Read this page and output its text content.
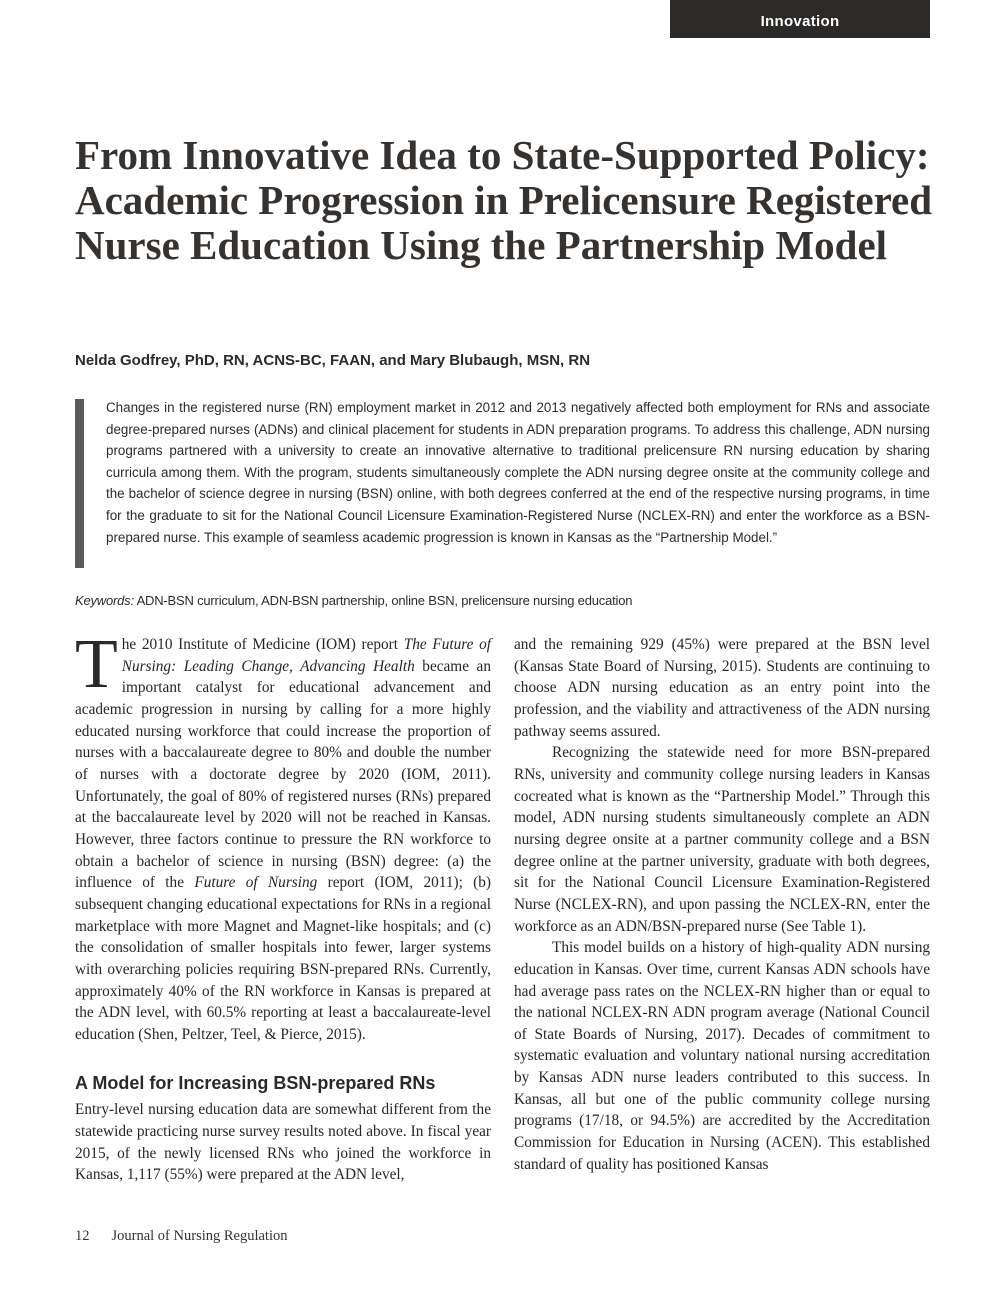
Innovation
From Innovative Idea to State-Supported Policy: Academic Progression in Prelicensure Registered Nurse Education Using the Partnership Model

Nelda Godfrey, PhD, RN, ACNS-BC, FAAN, and Mary Blubaugh, MSN, RN

Changes in the registered nurse (RN) employment market in 2012 and 2013 negatively affected both employment for RNs and associate degree-prepared nurses (ADNs) and clinical placement for students in ADN preparation programs. To address this challenge, ADN nursing programs partnered with a university to create an innovative alternative to traditional prelicensure RN nursing education by sharing curricula among them. With the program, students simultaneously complete the ADN nursing degree onsite at the community college and the bachelor of science degree in nursing (BSN) online, with both degrees conferred at the end of the respective nursing programs, in time for the graduate to sit for the National Council Licensure Examination-Registered Nurse (NCLEX-RN) and enter the workforce as a BSN-prepared nurse. This example of seamless academic progression is known in Kansas as the “Partnership Model.”

Keywords: ADN-BSN curriculum, ADN-BSN partnership, online BSN, prelicensure nursing education

The 2010 Institute of Medicine (IOM) report The Future of Nursing: Leading Change, Advancing Health became an important catalyst for educational advancement and academic progression in nursing by calling for a more highly educated nursing workforce that could increase the proportion of nurses with a baccalaureate degree to 80% and double the number of nurses with a doctorate degree by 2020 (IOM, 2011). Unfortunately, the goal of 80% of registered nurses (RNs) prepared at the baccalaureate level by 2020 will not be reached in Kansas. However, three factors continue to pressure the RN workforce to obtain a bachelor of science in nursing (BSN) degree: (a) the influence of the Future of Nursing report (IOM, 2011); (b) subsequent changing educational expectations for RNs in a regional marketplace with more Magnet and Magnet-like hospitals; and (c) the consolidation of smaller hospitals into fewer, larger systems with overarching policies requiring BSN-prepared RNs. Currently, approximately 40% of the RN workforce in Kansas is prepared at the ADN level, with 60.5% reporting at least a baccalaureate-level education (Shen, Peltzer, Teel, & Pierce, 2015).

A Model for Increasing BSN-prepared RNs

Entry-level nursing education data are somewhat different from the statewide practicing nurse survey results noted above. In fiscal year 2015, of the newly licensed RNs who joined the workforce in Kansas, 1,117 (55%) were prepared at the ADN level,

and the remaining 929 (45%) were prepared at the BSN level (Kansas State Board of Nursing, 2015). Students are continuing to choose ADN nursing education as an entry point into the profession, and the viability and attractiveness of the ADN nursing pathway seems assured.

Recognizing the statewide need for more BSN-prepared RNs, university and community college nursing leaders in Kansas cocreated what is known as the “Partnership Model.” Through this model, ADN nursing students simultaneously complete an ADN nursing degree onsite at a partner community college and a BSN degree online at the partner university, graduate with both degrees, sit for the National Council Licensure Examination-Registered Nurse (NCLEX-RN), and upon passing the NCLEX-RN, enter the workforce as an ADN/BSN-prepared nurse (See Table 1).

This model builds on a history of high-quality ADN nursing education in Kansas. Over time, current Kansas ADN schools have had average pass rates on the NCLEX-RN higher than or equal to the national NCLEX-RN ADN program average (National Council of State Boards of Nursing, 2017). Decades of commitment to systematic evaluation and voluntary national nursing accreditation by Kansas ADN nurse leaders contributed to this success. In Kansas, all but one of the public community college nursing programs (17/18, or 94.5%) are accredited by the Accreditation Commission for Education in Nursing (ACEN). This established standard of quality has positioned Kansas

12 Journal of Nursing Regulation
